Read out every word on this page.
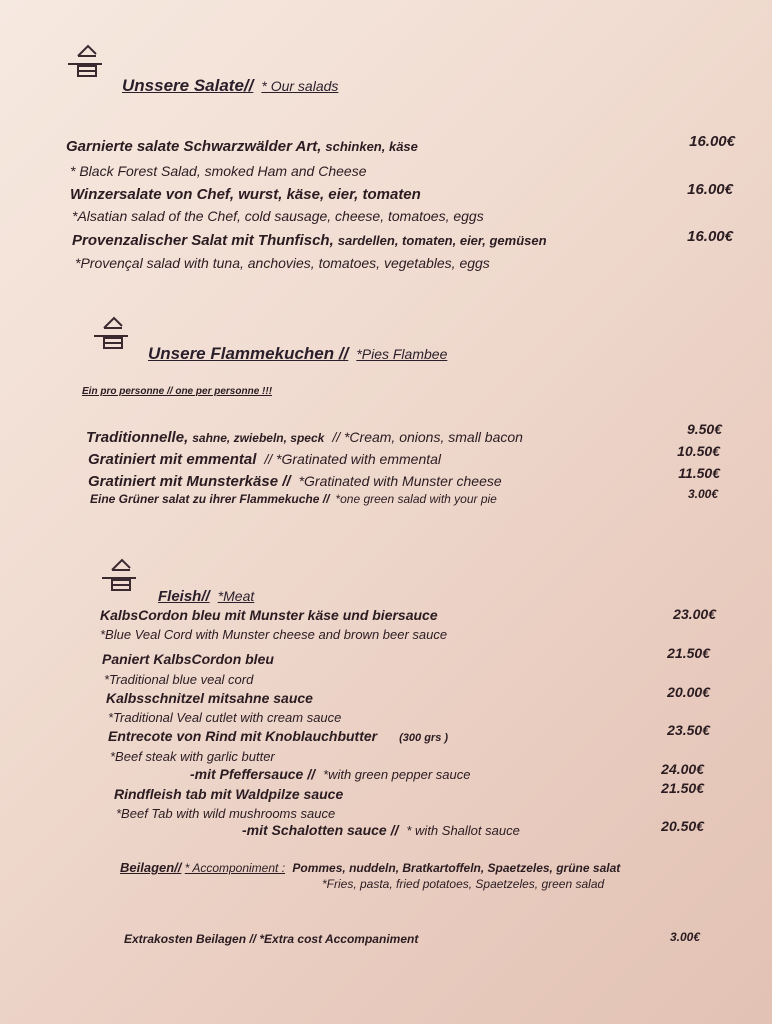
Unssere Salate// * Our salads
Garnierte salate Schwarzwälder Art, schinken, käse	16.00€
* Black Forest Salad, smoked Ham and Cheese
Winzersalate von Chef, wurst, käse, eier, tomaten	16.00€
*Alsatian salad of the Chef, cold sausage, cheese, tomatoes, eggs
Provenzalischer Salat mit Thunfisch, sardellen, tomaten, eier, gemüsen	16.00€
*Provençal salad with tuna, anchovies, tomatoes, vegetables, eggs
Unsere Flammekuchen // *Pies Flambee
Ein pro personne // one per personne !!!
Traditionnelle, sahne, zwiebeln, speck // *Cream, onions, small bacon	9.50€
Gratiniert mit emmental // *Gratinated with emmental	10.50€
Gratiniert mit Munsterkäse // *Gratinated with Munster cheese	11.50€
Eine Grüner salat zu ihrer Flammekuche // *one green salad with your pie	3.00€
Fleish// *Meat
KalbsCordon bleu mit Munster käse und biersauce	23.00€
*Blue Veal Cord with Munster cheese and brown beer sauce
Paniert KalbsCordon bleu	21.50€
*Traditional blue veal cord
Kalbsschnitzel mitsahne sauce	20.00€
*Traditional Veal cutlet with cream sauce
Entrecote von Rind mit Knoblauchbutter (300 grs )	23.50€
*Beef steak with garlic butter
-mit Pfeffersauce // *with green pepper sauce	24.00€
Rindfleish tab mit Waldpilze sauce	21.50€
*Beef Tab with wild mushrooms sauce
-mit Schalotten sauce // * with Shallot sauce	20.50€
Beilagen// * Accomponiment : Pommes, nuddeln, Bratkartoffeln, Spaetzeles, grüne salat
*Fries, pasta, fried potatoes, Spaetzeles, green salad
Extrakosten Beilagen // *Extra cost Accompaniment	3.00€
